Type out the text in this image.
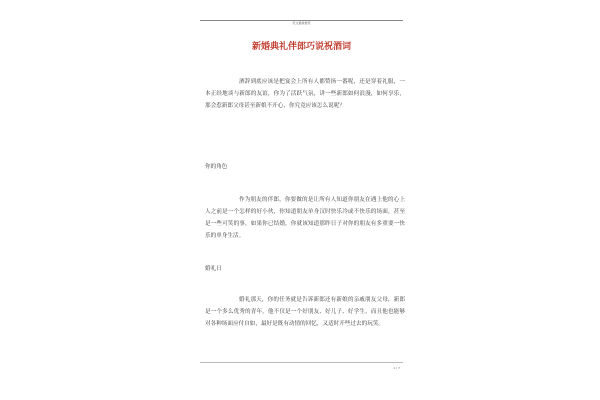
范文最新推荐
新婚典礼伴郎巧说祝酒词

酒辞到底应该是把宴会上所有人都赞扬一番呢，还是穿着礼服，一本正经地谈与新郎的友谊，你为了活跃气氛，讲一些新郎如何浪漫，如何享乐，那会惹新郎父母甚至新娘不开心，你究竟应该怎么说呢？

你的角色

作为朋友的伴郎，你要做的是让所有人知道你朋友在遇上他的心上人之前是一个怎样的好小伙，你知道朋友单身汉时快乐冷或不快乐的场面，甚至是一些可笑的事，如果你已结婚，你就该知道那昨日子对你的朋友有多重要一快乐的单身生活。

婚礼日

婚礼那天，你的任务就是告诉新郎还有新娘的亲戚朋友父母，新郎是一个多么优秀的青年，他不仅是一个好朋友、好儿子、好学生，而且他也能够对各种场面应付自如，最好是既有动情的回忆，又适时开些过去的玩笑。

1 / 7
